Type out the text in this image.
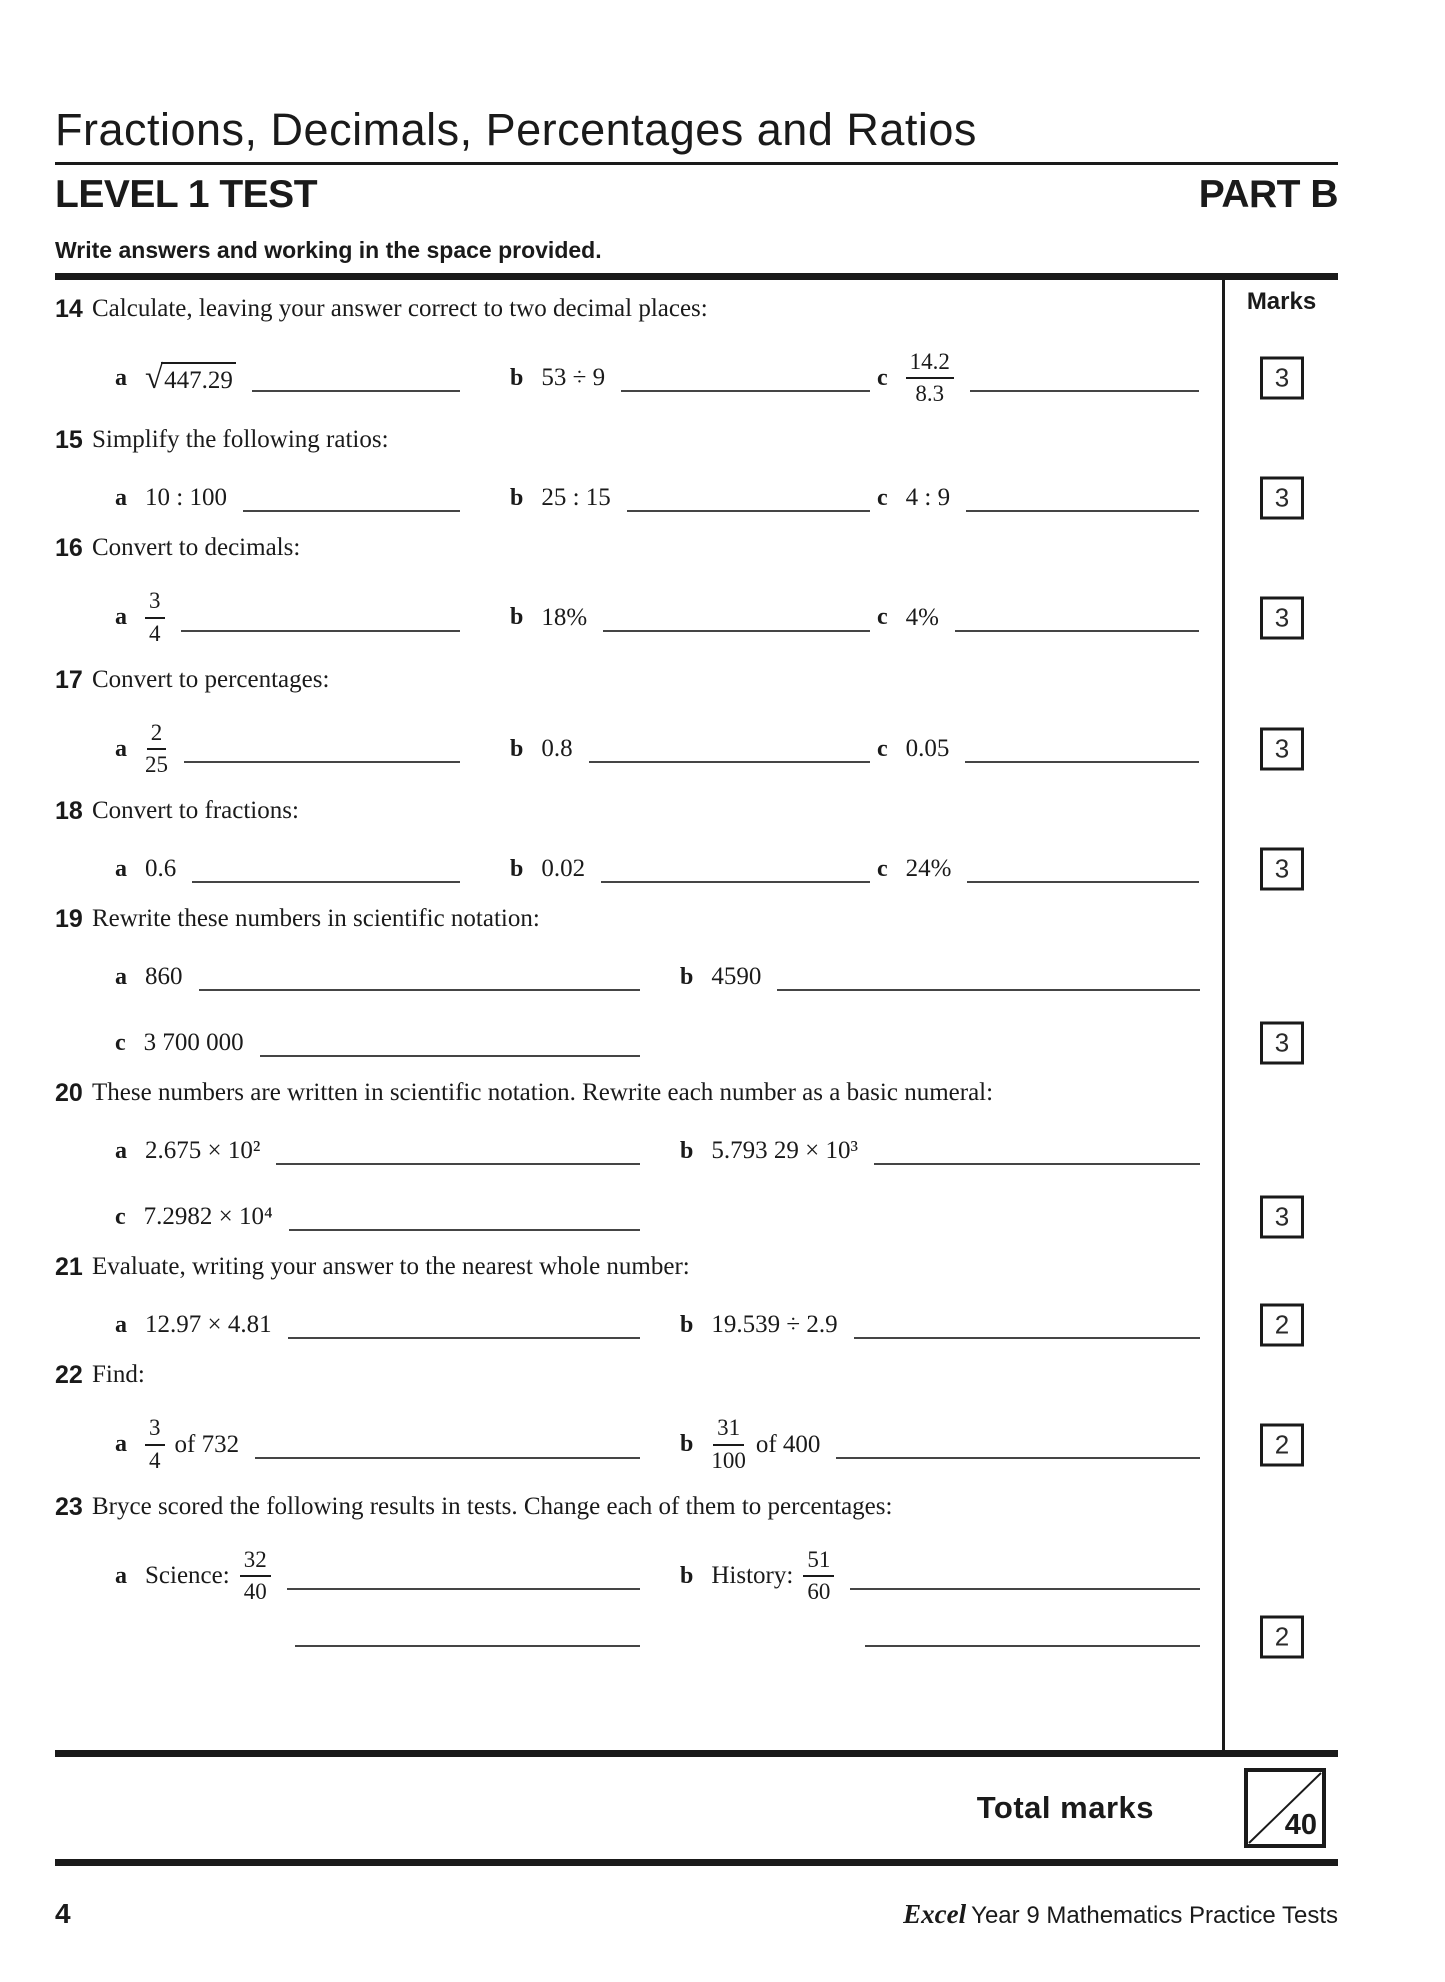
Fractions, Decimals, Percentages and Ratios
LEVEL 1 TEST	PART B
Write answers and working in the space provided.
Marks
14 Calculate, leaving your answer correct to two decimal places:
a √ 447.29	b 53 ÷ 9	c $\frac{14.2}{8.3}$	3
15 Simplify the following ratios:
a 10 : 100	b 25 : 15	c 4 : 9	3
16 Convert to decimals:
a $\frac{3}{4}$	b 18%	c 4%	3
17 Convert to percentages:
a $\frac{2}{25}$	b 0.8	c 0.05	3
18 Convert to fractions:
a 0.6	b 0.02	c 24%	3
19 Rewrite these numbers in scientific notation:
a 860	b 4590
c 3 700 000	3
20 These numbers are written in scientific notation. Rewrite each number as a basic numeral:
a 2.675 × 10²	b 5.793 29 × 10³
c 7.2982 × 10⁴	3
21 Evaluate, writing your answer to the nearest whole number:
a 12.97 × 4.81	b 19.539 ÷ 2.9	2
22 Find:
a $\frac{3}{4}$ of 732	b $\frac{31}{100}$ of 400	2
23 Bryce scored the following results in tests. Change each of them to percentages:
a Science: $\frac{32}{40}$	b History: $\frac{51}{60}$
2
Total marks	40
4	Excel Year 9 Mathematics Practice Tests
